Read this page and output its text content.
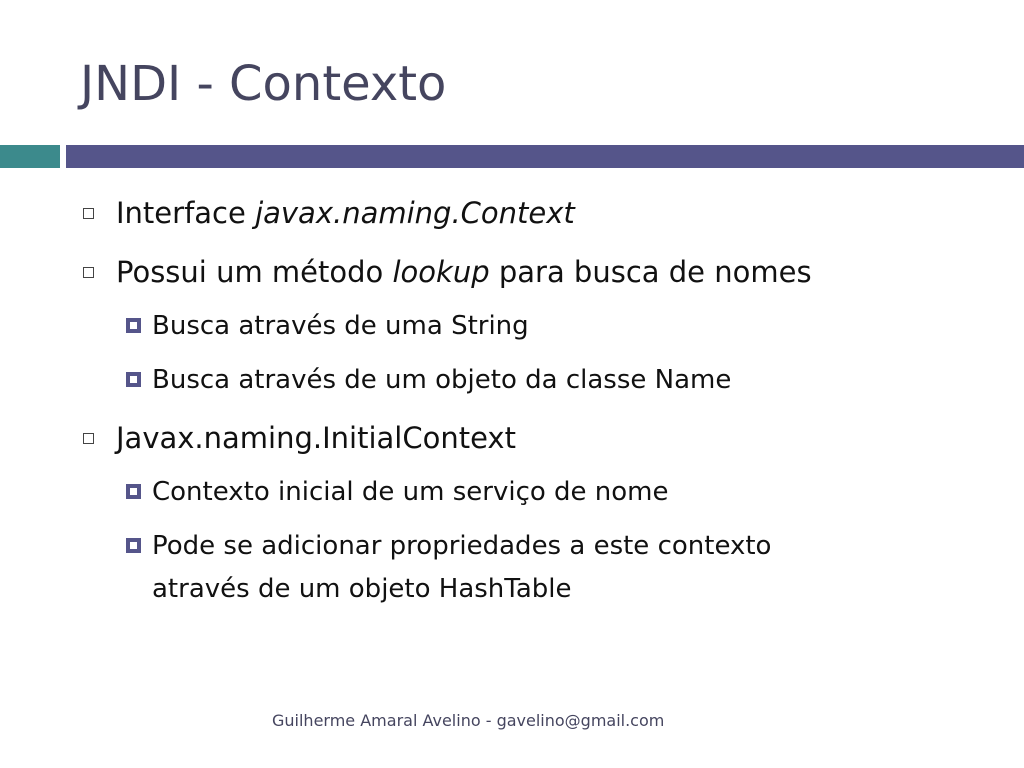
JNDI - Contexto
Interface javax.naming.Context
Possui um método lookup para busca de nomes
Busca através de uma String
Busca através de um objeto da classe Name
Javax.naming.InitialContext
Contexto inicial de um serviço de nome
Pode se adicionar propriedades a este contexto
através de um objeto HashTable
Guilherme Amaral Avelino - gavelino@gmail.com
